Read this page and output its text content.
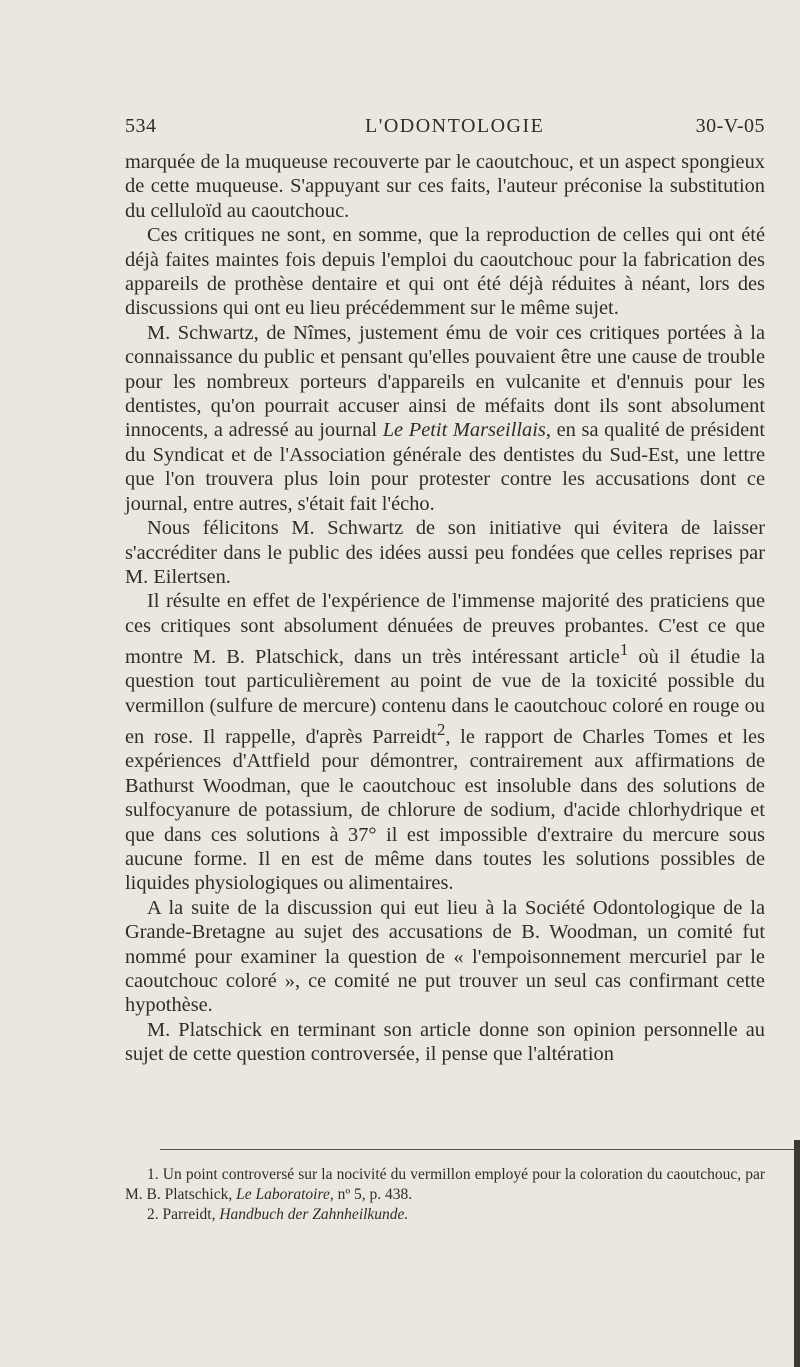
534	L'ODONTOLOGIE	30-V-05

marquée de la muqueuse recouverte par le caoutchouc, et un aspect spongieux de cette muqueuse. S'appuyant sur ces faits, l'auteur préconise la substitution du celluloïd au caoutchouc.

Ces critiques ne sont, en somme, que la reproduction de celles qui ont été déjà faites maintes fois depuis l'emploi du caoutchouc pour la fabrication des appareils de prothèse dentaire et qui ont été déjà réduites à néant, lors des discussions qui ont eu lieu précédemment sur le même sujet.

M. Schwartz, de Nîmes, justement ému de voir ces critiques portées à la connaissance du public et pensant qu'elles pouvaient être une cause de trouble pour les nombreux porteurs d'appareils en vulcanite et d'ennuis pour les dentistes, qu'on pourrait accuser ainsi de méfaits dont ils sont absolument innocents, a adressé au journal Le Petit Marseillais, en sa qualité de président du Syndicat et de l'Association générale des dentistes du Sud-Est, une lettre que l'on trouvera plus loin pour protester contre les accusations dont ce journal, entre autres, s'était fait l'écho.

Nous félicitons M. Schwartz de son initiative qui évitera de laisser s'accréditer dans le public des idées aussi peu fondées que celles reprises par M. Eilertsen.

Il résulte en effet de l'expérience de l'immense majorité des praticiens que ces critiques sont absolument dénuées de preuves probantes. C'est ce que montre M. B. Platschick, dans un très intéressant article$^1$ où il étudie la question tout particulièrement au point de vue de la toxicité possible du vermillon (sulfure de mercure) contenu dans le caoutchouc coloré en rouge ou en rose. Il rappelle, d'après Parreidt$^2$, le rapport de Charles Tomes et les expériences d'Attfield pour démontrer, contrairement aux affirmations de Bathurst Woodman, que le caoutchouc est insoluble dans des solutions de sulfocyanure de potassium, de chlorure de sodium, d'acide chlorhydrique et que dans ces solutions à 37° il est impossible d'extraire du mercure sous aucune forme. Il en est de même dans toutes les solutions possibles de liquides physiologiques ou alimentaires.

A la suite de la discussion qui eut lieu à la Société Odontologique de la Grande-Bretagne au sujet des accusations de B. Woodman, un comité fut nommé pour examiner la question de « l'empoisonnement mercuriel par le caoutchouc coloré », ce comité ne put trouver un seul cas confirmant cette hypothèse.

M. Platschick en terminant son article donne son opinion personnelle au sujet de cette question controversée, il pense que l'altération

1. Un point controversé sur la nocivité du vermillon employé pour la coloration du caoutchouc, par M. B. Platschick, Le Laboratoire, nº 5, p. 438.

2. Parreidt, Handbuch der Zahnheilkunde.
